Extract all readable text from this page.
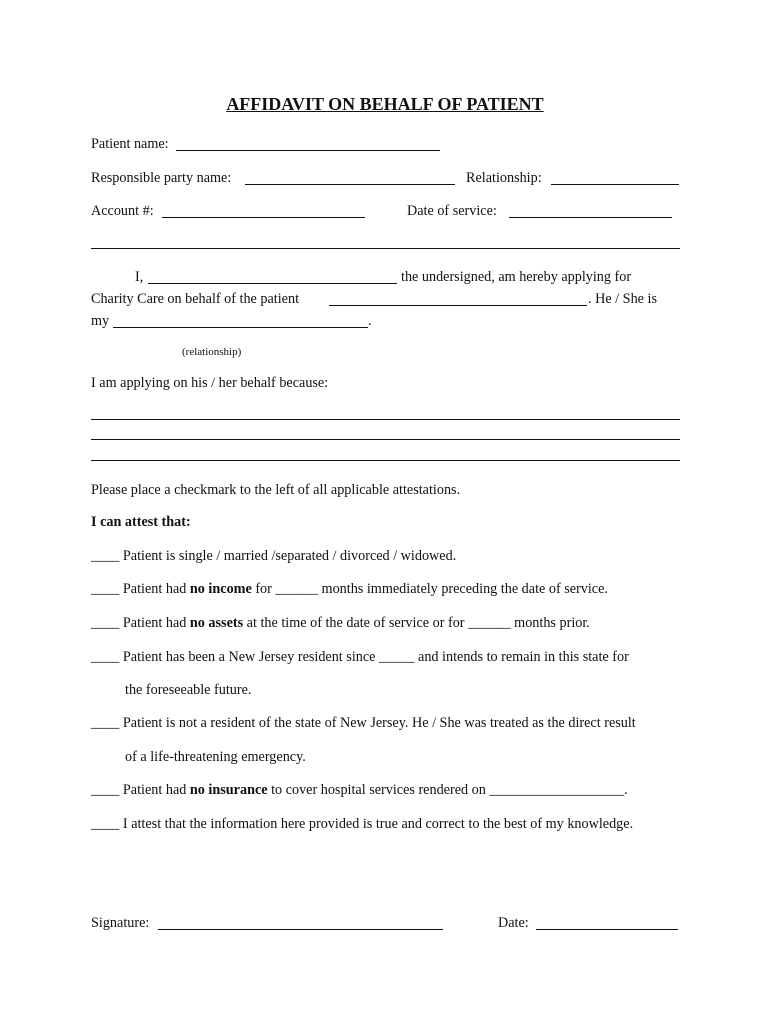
AFFIDAVIT ON BEHALF OF PATIENT
Patient name:
Responsible party name:	Relationship:
Account #:	Date of service:
I,	the undersigned, am hereby applying for
Charity Care on behalf of the patient	. He / She is
my	.
(relationship)
I am applying on his / her behalf because:
Please place a checkmark to the left of all applicable attestations.
I can attest that:
____ Patient is single / married /separated / divorced / widowed.
____ Patient had no income for ______ months immediately preceding the date of service.
____ Patient had no assets at the time of the date of service or for ______ months prior.
____ Patient has been a New Jersey resident since _____ and intends to remain in this state for
the foreseeable future.
____ Patient is not a resident of the state of New Jersey. He / She was treated as the direct result
of a life-threatening emergency.
____ Patient had no insurance to cover hospital services rendered on ___________________.
____ I attest that the information here provided is true and correct to the best of my knowledge.
Signature:	Date:
